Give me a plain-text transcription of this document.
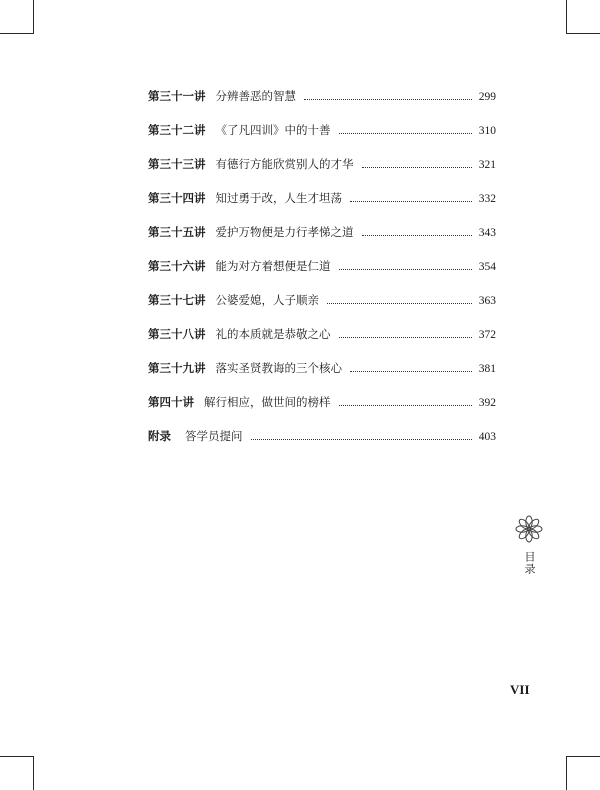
第三十一讲 分辨善恶的智慧	299
第三十二讲 《了凡四训》中的十善	310
第三十三讲 有德行方能欣赏别人的才华	321
第三十四讲 知过勇于改，人生才坦荡	332
第三十五讲 爱护万物便是力行孝悌之道	343
第三十六讲 能为对方着想便是仁道	354
第三十七讲 公婆爱媳，人子顺亲	363
第三十八讲 礼的本质就是恭敬之心	372
第三十九讲 落实圣贤教诲的三个核心	381
第四十讲 解行相应，做世间的榜样	392
附录 答学员提问	403
目录
VII
